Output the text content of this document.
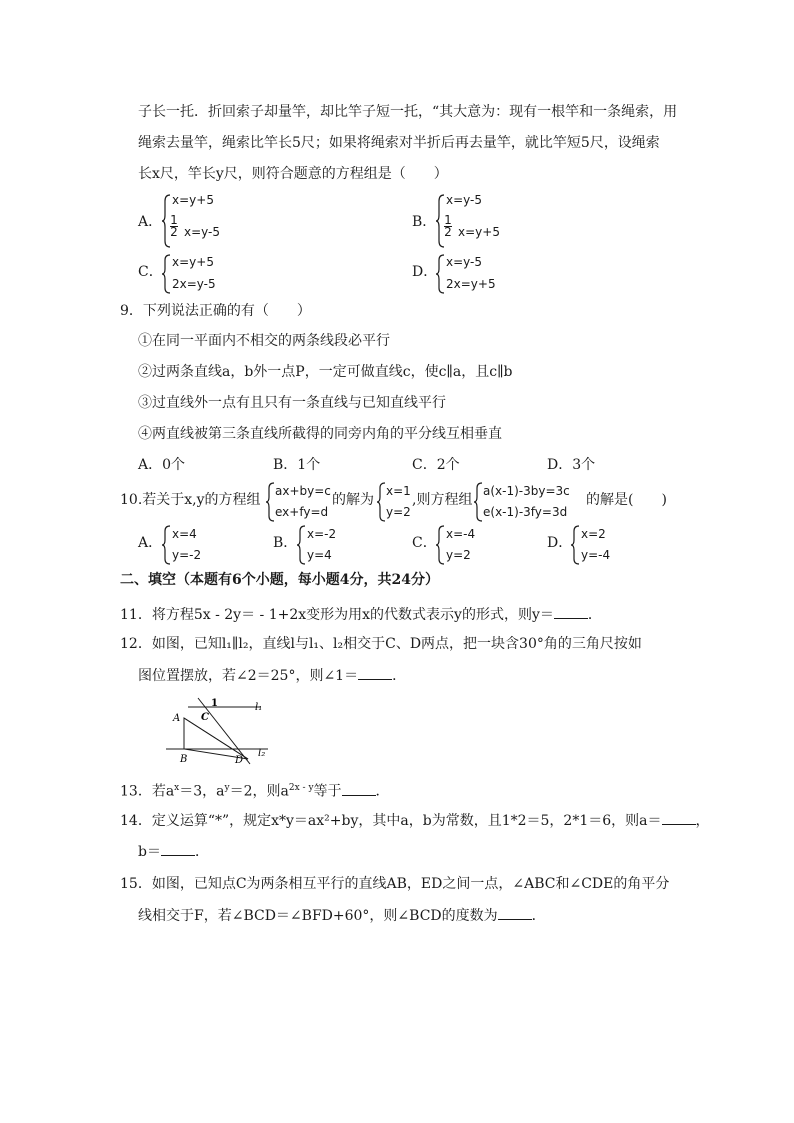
子长一托．折回索子却量竿，却比竿子短一托，“其大意为：现有一根竿和一条绳索，用
绳索去量竿，绳索比竿长5尺；如果将绳索对半折后再去量竿，就比竿短5尺，设绳索
长x尺，竿长y尺，则符合题意的方程组是（　　）
A．
x=y+5
1
2 x=y-5
B．
x=y-5
1
2 x=y+5
C．
x=y+5
2x=y-5
D．
x=y-5
2x=y+5
9．下列说法正确的有（　　）
①在同一平面内不相交的两条线段必平行
②过两条直线a，b外一点P，一定可做直线c，使c∥a，且c∥b
③过直线外一点有且只有一条直线与已知直线平行
④两直线被第三条直线所截得的同旁内角的平分线互相垂直
A．0个	B．1个	C．2个	D．3个
10.若关于x,y的方程组
ax+by=c
ex+fy=d
的解为
x=1
y=2
,则方程组
a(x-1)-3by=3c
e(x-1)-3fy=3d
的解是(　　)
A．
x=4
y=-2
B．
x=-2
y=4
C．
x=-4
y=2
D．
x=2
y=-4
二、填空（本题有6个小题，每小题4分，共24分）
11．将方程5x - 2y＝ - 1+2x变形为用x的代数式表示y的形式，则y＝ ．
12．如图，已知l₁∥l₂，直线l与l₁、l₂相交于C、D两点，把一块含30°角的三角尺按如
图位置摆放，若∠2＝25°，则∠1＝ ．
1
C
A
B	D
l₁
l₂
13．若$a^x=3$，$a^y=2$，则$a^{2x - y}$等于 ．
14．定义运算“*”，规定x*y＝ax²+by，其中a，b为常数，且1*2＝5，2*1＝6，则a＝ ，
b＝ ．
15．如图，已知点C为两条相互平行的直线AB，ED之间一点，∠ABC和∠CDE的角平分
线相交于F，若∠BCD＝∠BFD+60°，则∠BCD的度数为 ．
